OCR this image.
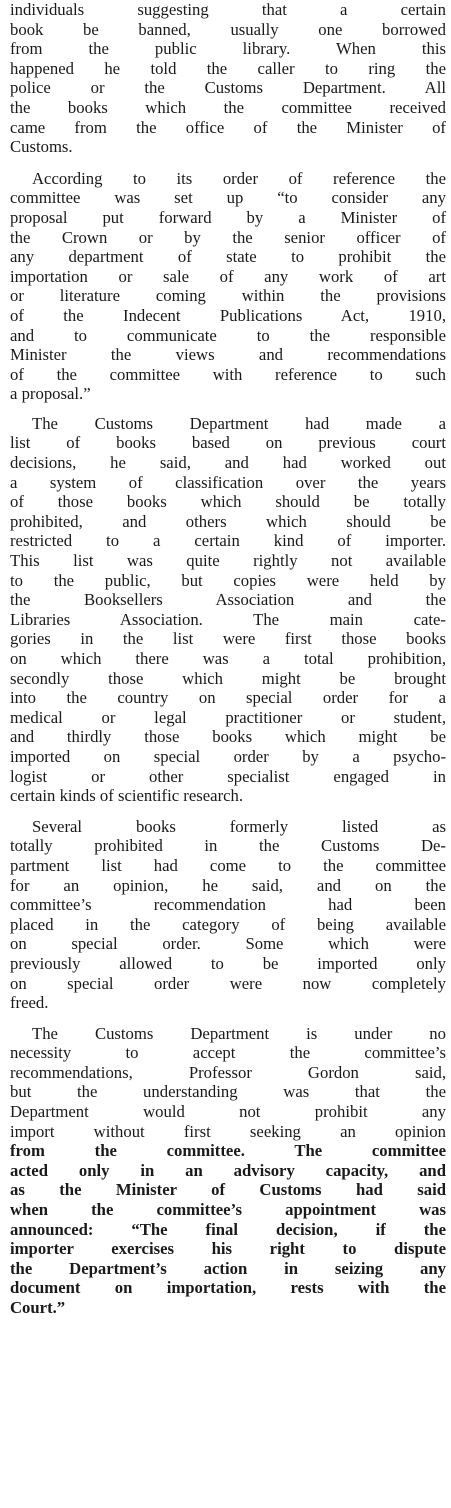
individuals suggesting that a certain
book be banned, usually one borrowed
from the public library. When this
happened he told the caller to ring the
police or the Customs Department. All
the books which the committee received
came from the office of the Minister of
Customs.

According to its order of reference the
committee was set up “to consider any
proposal put forward by a Minister of
the Crown or by the senior officer of
any department of state to prohibit the
importation or sale of any work of art
or literature coming within the provisions
of the Indecent Publications Act, 1910,
and to communicate to the responsible
Minister the views and recommendations
of the committee with reference to such
a proposal.”

The Customs Department had made a
list of books based on previous court
decisions, he said, and had worked out
a system of classification over the years
of those books which should be totally
prohibited, and others which should be
restricted to a certain kind of importer.
This list was quite rightly not available
to the public, but copies were held by
the Booksellers Association and the
Libraries Association. The main cate-
gories in the list were first those books
on which there was a total prohibition,
secondly those which might be brought
into the country on special order for a
medical or legal practitioner or student,
and thirdly those books which might be
imported on special order by a psycho-
logist or other specialist engaged in
certain kinds of scientific research.

Several books formerly listed as
totally prohibited in the Customs De-
partment list had come to the committee
for an opinion, he said, and on the
committee’s recommendation had been
placed in the category of being available
on special order. Some which were
previously allowed to be imported only
on special order were now completely
freed.

The Customs Department is under no
necessity to accept the committee’s
recommendations, Professor Gordon said,
but the understanding was that the
Department would not prohibit any
import without first seeking an opinion
from the committee. The committee
acted only in an advisory capacity, and
as the Minister of Customs had said
when the committee’s appointment was
announced: “The final decision, if the
importer exercises his right to dispute
the Department’s action in seizing any
document on importation, rests with the
Court.”
